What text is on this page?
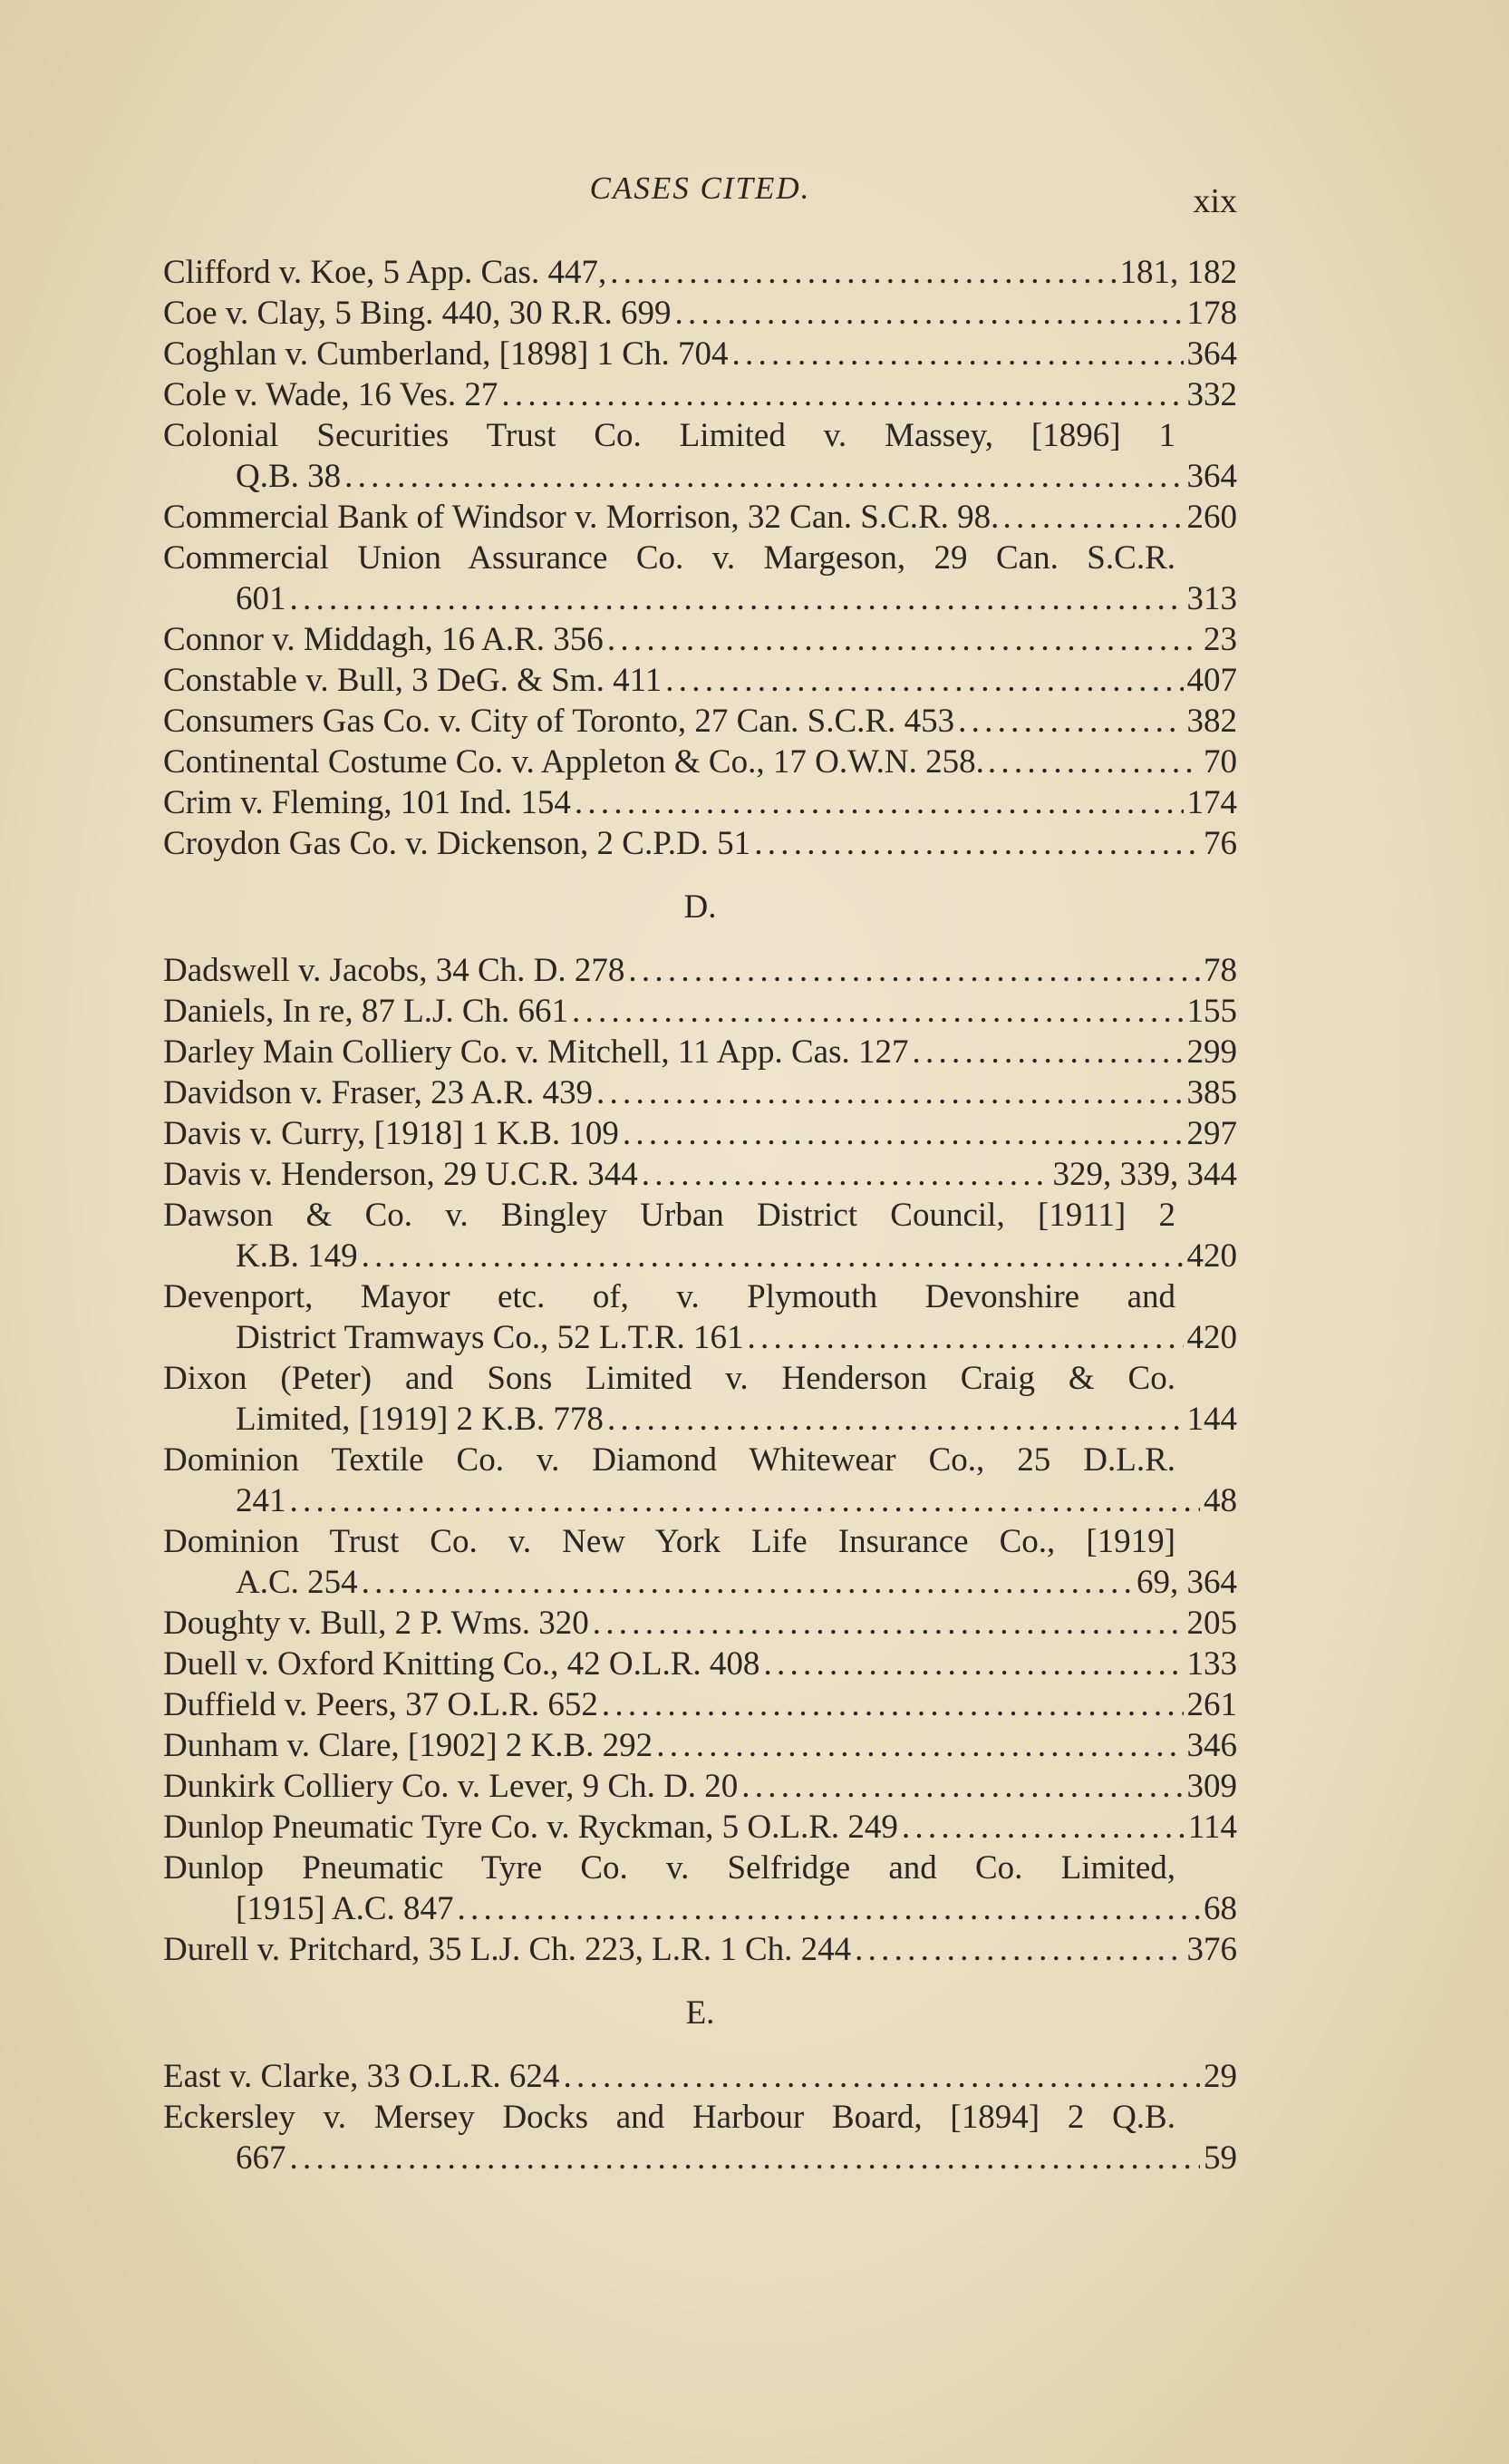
CASES CITED.	xix
Clifford v. Koe, 5 App. Cas. 447, . . .	181, 182
Coe v. Clay, 5 Bing. 440, 30 R.R. 699 . . .	178
Coghlan v. Cumberland, [1898] 1 Ch. 704 . . .	364
Cole v. Wade, 16 Ves. 27 . . .	332
Colonial Securities Trust Co. Limited v. Massey, [1896] 1
Q.B. 38 . . .	364
Commercial Bank of Windsor v. Morrison, 32 Can. S.C.R. 98. . . .	260
Commercial Union Assurance Co. v. Margeson, 29 Can. S.C.R.
601 . . .	313
Connor v. Middagh, 16 A.R. 356 . . .	23
Constable v. Bull, 3 DeG. & Sm. 411 . . .	407
Consumers Gas Co. v. City of Toronto, 27 Can. S.C.R. 453 . . .	382
Continental Costume Co. v. Appleton & Co., 17 O.W.N. 258. . . .	70
Crim v. Fleming, 101 Ind. 154 . . .	174
Croydon Gas Co. v. Dickenson, 2 C.P.D. 51 . . .	76
D.
Dadswell v. Jacobs, 34 Ch. D. 278 . . .	78
Daniels, In re, 87 L.J. Ch. 661 . . .	155
Darley Main Colliery Co. v. Mitchell, 11 App. Cas. 127 . . .	299
Davidson v. Fraser, 23 A.R. 439 . . .	385
Davis v. Curry, [1918] 1 K.B. 109 . . .	297
Davis v. Henderson, 29 U.C.R. 344 . . .	329, 339, 344
Dawson & Co. v. Bingley Urban District Council, [1911] 2
K.B. 149 . . .	420
Devenport, Mayor etc. of, v. Plymouth Devonshire and
District Tramways Co., 52 L.T.R. 161 . . .	420
Dixon (Peter) and Sons Limited v. Henderson Craig & Co.
Limited, [1919] 2 K.B. 778 . . .	144
Dominion Textile Co. v. Diamond Whitewear Co., 25 D.L.R.
241 . . .	48
Dominion Trust Co. v. New York Life Insurance Co., [1919]
A.C. 254 . . .	69, 364
Doughty v. Bull, 2 P. Wms. 320 . . .	205
Duell v. Oxford Knitting Co., 42 O.L.R. 408 . . .	133
Duffield v. Peers, 37 O.L.R. 652 . . .	261
Dunham v. Clare, [1902] 2 K.B. 292 . . .	346
Dunkirk Colliery Co. v. Lever, 9 Ch. D. 20 . . .	309
Dunlop Pneumatic Tyre Co. v. Ryckman, 5 O.L.R. 249 . . .	114
Dunlop Pneumatic Tyre Co. v. Selfridge and Co. Limited,
[1915] A.C. 847 . . .	68
Durell v. Pritchard, 35 L.J. Ch. 223, L.R. 1 Ch. 244 . . .	376
E.
East v. Clarke, 33 O.L.R. 624 . . .	29
Eckersley v. Mersey Docks and Harbour Board, [1894] 2 Q.B.
667 . . .	59
